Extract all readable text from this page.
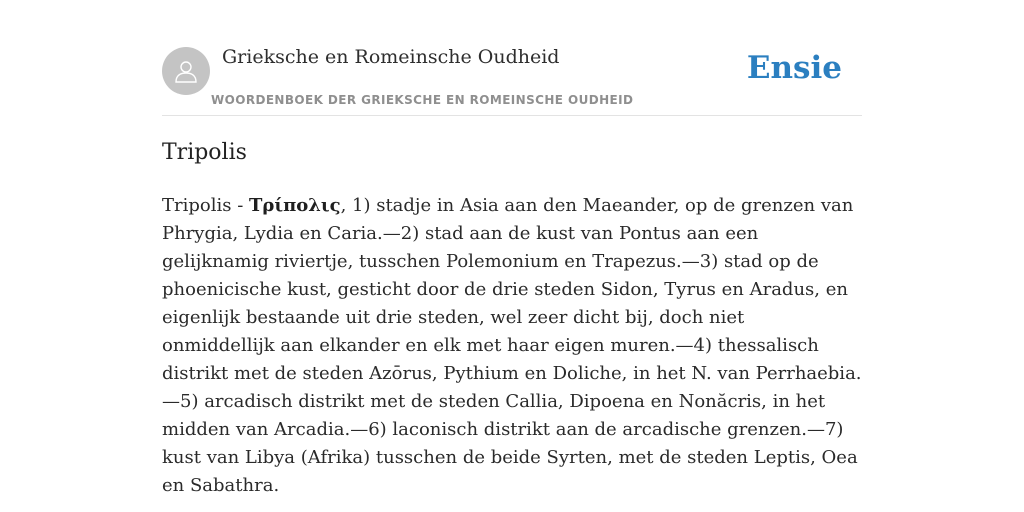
Grieksche en Romeinsche Oudheid
WOORDENBOEK DER GRIEKSCHE EN ROMEINSCHE OUDHEID
Ensie
Tripolis

Tripolis - Τρίπολις, 1) stadje in Asia aan den Maeander, op de grenzen van Phrygia, Lydia en Caria.—2) stad aan de kust van Pontus aan een gelijknamig riviertje, tusschen Polemonium en Trapezus.—3) stad op de phoenicische kust, gesticht door de drie steden Sidon, Tyrus en Aradus, en eigenlijk bestaande uit drie steden, wel zeer dicht bij, doch niet onmiddellijk aan elkander en elk met haar eigen muren.—4) thessalisch distrikt met de steden Azōrus, Pythium en Doliche, in het N. van Perrhaebia.—5) arcadisch distrikt met de steden Callia, Dipoena en Nonăcris, in het midden van Arcadia.—6) laconisch distrikt aan de arcadische grenzen.—7) kust van Libya (Afrika) tusschen de beide Syrten, met de steden Leptis, Oea en Sabathra.
